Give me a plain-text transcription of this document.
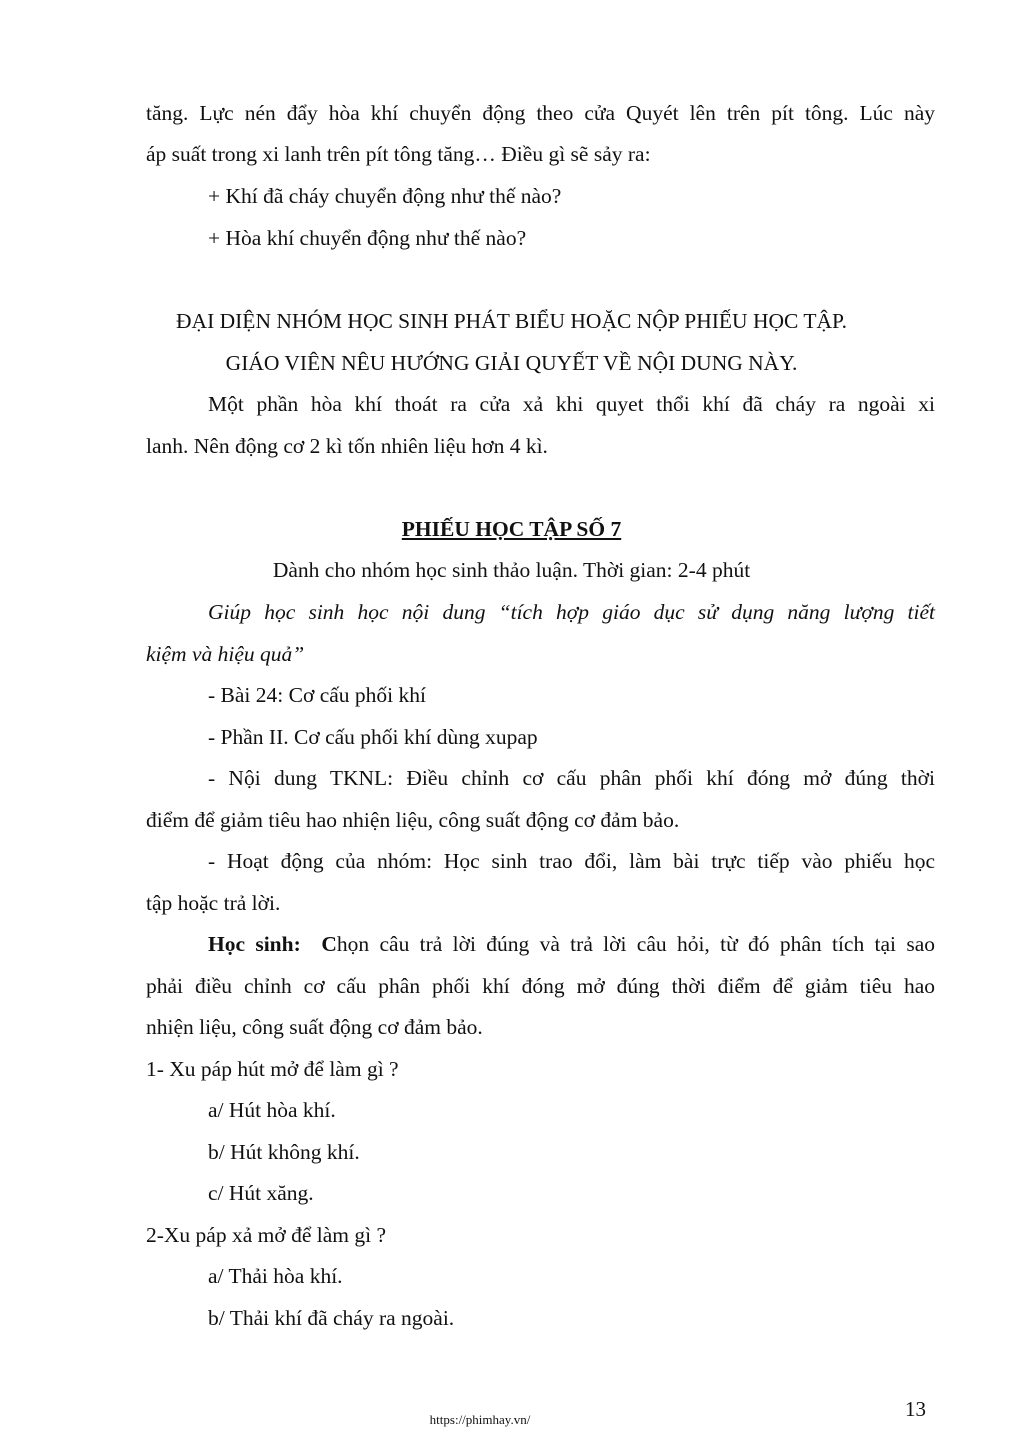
tăng. Lực nén đẩy hòa khí chuyển động theo cửa Quyét lên trên pít tông. Lúc này

áp suất trong xi lanh trên pít tông tăng… Điều gì sẽ sảy ra:

+ Khí đã cháy chuyển động như thế nào?

+ Hòa khí chuyển động như thế nào?

ĐẠI DIỆN NHÓM HỌC SINH PHÁT BIỂU HOẶC NỘP PHIẾU HỌC TẬP.

GIÁO VIÊN NÊU HƯỚNG GIẢI QUYẾT VỀ NỘI DUNG NÀY.

Một phần hòa khí thoát ra cửa xả khi quyet thổi khí đã cháy ra ngoài xi

lanh. Nên động cơ 2 kì tốn nhiên liệu hơn 4 kì.

PHIẾU HỌC TẬP SỐ 7

Dành cho nhóm học sinh thảo luận. Thời gian: 2-4 phút

Giúp học sinh học nội dung “tích hợp giáo dục sử dụng năng lượng tiết

kiệm và hiệu quả”

- Bài 24: Cơ cấu phối khí

- Phần II. Cơ cấu phối khí dùng xupap

- Nội dung TKNL: Điều chỉnh cơ cấu phân phối khí đóng mở đúng thời

điểm để giảm tiêu hao nhiện liệu, công suất động cơ đảm bảo.

- Hoạt động của nhóm: Học sinh trao đổi, làm bài trực tiếp vào phiếu học

tập hoặc trả lời.

Học sinh: Chọn câu trả lời đúng và trả lời câu hỏi, từ đó phân tích tại sao

phải điều chỉnh cơ cấu phân phối khí đóng mở đúng thời điểm để giảm tiêu hao

nhiện liệu, công suất động cơ đảm bảo.

1- Xu páp hút mở để làm gì ?

a/ Hút hòa khí.

b/ Hút không khí.

c/ Hút xăng.

2-Xu páp xả mở để làm gì ?

a/ Thải hòa khí.

b/ Thải khí đã cháy ra ngoài.

13
https://phimhay.vn/
